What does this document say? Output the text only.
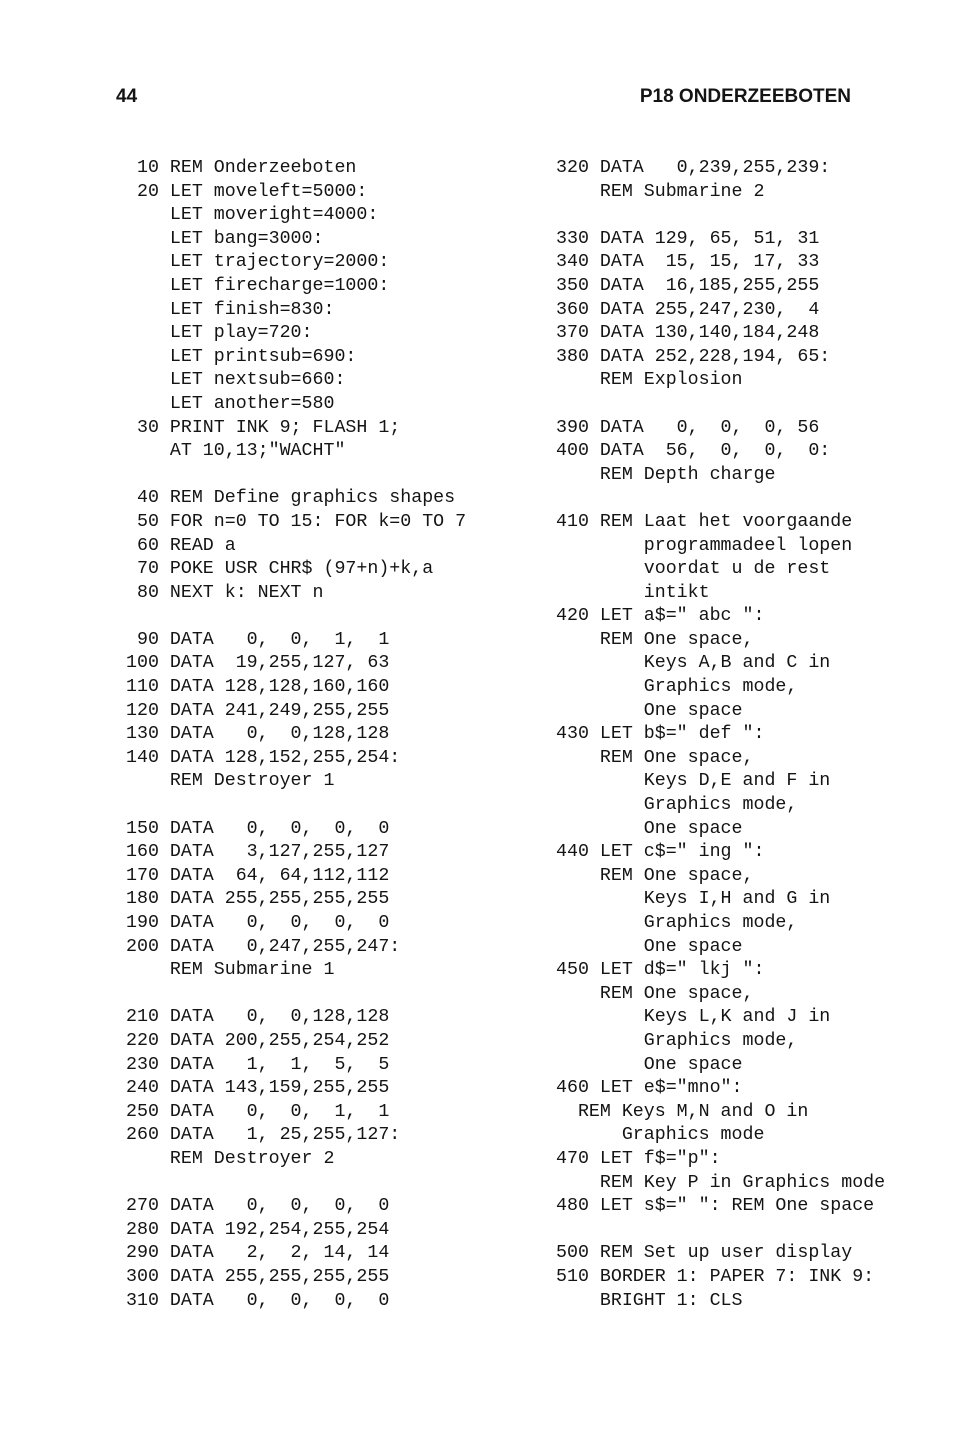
44	P18 ONDERZEEBOTEN
10 REM Onderzeeboten
20 LET moveleft=5000:
LET moveright=4000:
LET bang=3000:
LET trajectory=2000:
LET firecharge=1000:
LET finish=830:
LET play=720:
LET printsub=690:
LET nextsub=660:
LET another=580
30 PRINT INK 9; FLASH 1;
AT 10,13;"WACHT"
40 REM Define graphics shapes
50 FOR n=0 TO 15: FOR k=0 TO 7
60 READ a
70 POKE USR CHR$ (97+n)+k,a
80 NEXT k: NEXT n
90 DATA   0,  0,  1,  1
100 DATA  19,255,127, 63
110 DATA 128,128,160,160
120 DATA 241,249,255,255
130 DATA   0,  0,128,128
140 DATA 128,152,255,254:
REM Destroyer 1
150 DATA   0,  0,  0,  0
160 DATA   3,127,255,127
170 DATA  64, 64,112,112
180 DATA 255,255,255,255
190 DATA   0,  0,  0,  0
200 DATA   0,247,255,247:
REM Submarine 1
210 DATA   0,  0,128,128
220 DATA 200,255,254,252
230 DATA   1,  1,  5,  5
240 DATA 143,159,255,255
250 DATA   0,  0,  1,  1
260 DATA   1, 25,255,127:
REM Destroyer 2
270 DATA   0,  0,  0,  0
280 DATA 192,254,255,254
290 DATA   2,  2, 14, 14
300 DATA 255,255,255,255
310 DATA   0,  0,  0,  0
320 DATA   0,239,255,239:
REM Submarine 2
330 DATA 129, 65, 51, 31
340 DATA  15, 15, 17, 33
350 DATA  16,185,255,255
360 DATA 255,247,230,  4
370 DATA 130,140,184,248
380 DATA 252,228,194, 65:
REM Explosion
390 DATA   0,  0,  0, 56
400 DATA  56,  0,  0,  0:
REM Depth charge
410 REM Laat het voorgaande
programmadeel lopen
voordat u de rest
intikt
420 LET a$=" abc ":
REM One space,
Keys A,B and C in
Graphics mode,
One space
430 LET b$=" def ":
REM One space,
Keys D,E and F in
Graphics mode,
One space
440 LET c$=" ing ":
REM One space,
Keys I,H and G in
Graphics mode,
One space
450 LET d$=" lkj ":
REM One space,
Keys L,K and J in
Graphics mode,
One space
460 LET e$="mno":
REM Keys M,N and O in
Graphics mode
470 LET f$="p":
REM Key P in Graphics mode
480 LET s$=" ": REM One space
500 REM Set up user display
510 BORDER 1: PAPER 7: INK 9:
BRIGHT 1: CLS
